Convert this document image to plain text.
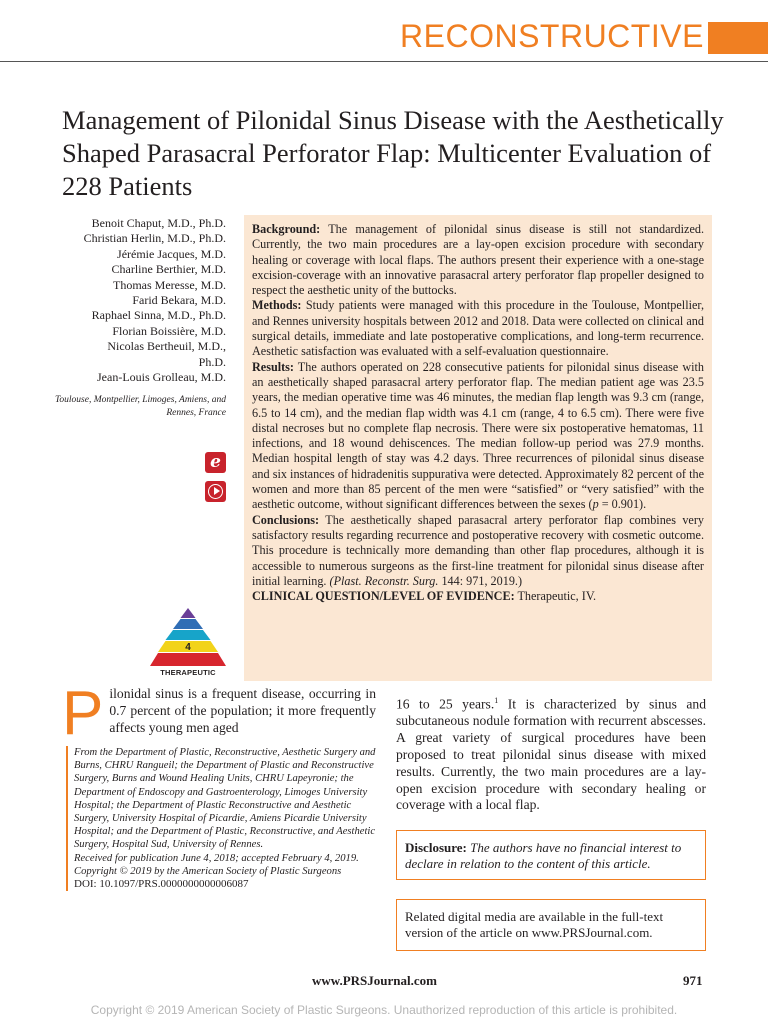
RECONSTRUCTIVE
Management of Pilonidal Sinus Disease with the Aesthetically Shaped Parasacral Perforator Flap: Multicenter Evaluation of 228 Patients
Benoit Chaput, M.D., Ph.D.
Christian Herlin, M.D., Ph.D.
Jérémie Jacques, M.D.
Charline Berthier, M.D.
Thomas Meresse, M.D.
Farid Bekara, M.D.
Raphael Sinna, M.D., Ph.D.
Florian Boissière, M.D.
Nicolas Bertheuil, M.D.,
Ph.D.
Jean-Louis Grolleau, M.D.
Toulouse, Montpellier, Limoges, Amiens, and Rennes, France
e
4
THERAPEUTIC

Background: The management of pilonidal sinus disease is still not standardized. Currently, the two main procedures are a lay-open excision procedure with secondary healing or coverage with local flaps. The authors present their experience with a one-stage excision-coverage with an innovative parasacral artery perforator flap propeller designed to respect the aesthetic unity of the buttocks.

Methods: Study patients were managed with this procedure in the Toulouse, Montpellier, and Rennes university hospitals between 2012 and 2018. Data were collected on clinical and surgical details, immediate and late postoperative complications, and long-term recurrence. Aesthetic satisfaction was evaluated with a self-evaluation questionnaire.

Results: The authors operated on 228 consecutive patients for pilonidal sinus disease with an aesthetically shaped parasacral artery perforator flap. The median patient age was 23.5 years, the median operative time was 46 minutes, the median flap length was 9.3 cm (range, 6.5 to 14 cm), and the median flap width was 4.1 cm (range, 4 to 6.5 cm). There were five distal necroses but no complete flap necrosis. There were six postoperative hematomas, 11 infections, and 18 wound dehiscences. The median follow-up period was 27.9 months. Median hospital length of stay was 4.2 days. Three recurrences of pilonidal sinus disease and six instances of hidradenitis suppurativa were detected. Approximately 82 percent of the women and more than 85 percent of the men were “satisfied” or “very satisfied” with the aesthetic outcome, without significant differences between the sexes (p = 0.901).

Conclusions: The aesthetically shaped parasacral artery perforator flap combines very satisfactory results regarding recurrence and postoperative recovery with cosmetic outcome. This procedure is technically more demanding than other flap procedures, although it is accessible to numerous surgeons as the first-line treatment for pilonidal sinus disease after initial learning. (Plast. Reconstr. Surg. 144: 971, 2019.)

CLINICAL QUESTION/LEVEL OF EVIDENCE: Therapeutic, IV.

P ilonidal sinus is a frequent disease, occurring in 0.7 percent of the population; it more frequently affects young men aged

From the Department of Plastic, Reconstructive, Aesthetic Surgery and Burns, CHRU Rangueil; the Department of Plastic and Reconstructive Surgery, Burns and Wound Healing Units, CHRU Lapeyronie; the Department of Endoscopy and Gastroenterology, Limoges University Hospital; the Department of Plastic Reconstructive and Aesthetic Surgery, University Hospital of Picardie, Amiens Picardie University Hospital; and the Department of Plastic, Reconstructive, and Aesthetic Surgery, Hospital Sud, University of Rennes.

Received for publication June 4, 2018; accepted February 4, 2019.

Copyright © 2019 by the American Society of Plastic Surgeons

DOI: 10.1097/PRS.0000000000006087

16 to 25 years.$^1$ It is characterized by sinus and subcutaneous nodule formation with recurrent abscesses. A great variety of surgical procedures have been proposed to treat pilonidal sinus disease with mixed results. Currently, the two main procedures are a lay-open excision procedure with secondary healing or coverage with a local flap.
Disclosure: The authors have no financial interest to declare in relation to the content of this article.
Related digital media are available in the full-text version of the article on www.PRSJournal.com.
www.PRSJournal.com	971
Copyright © 2019 American Society of Plastic Surgeons. Unauthorized reproduction of this article is prohibited.
